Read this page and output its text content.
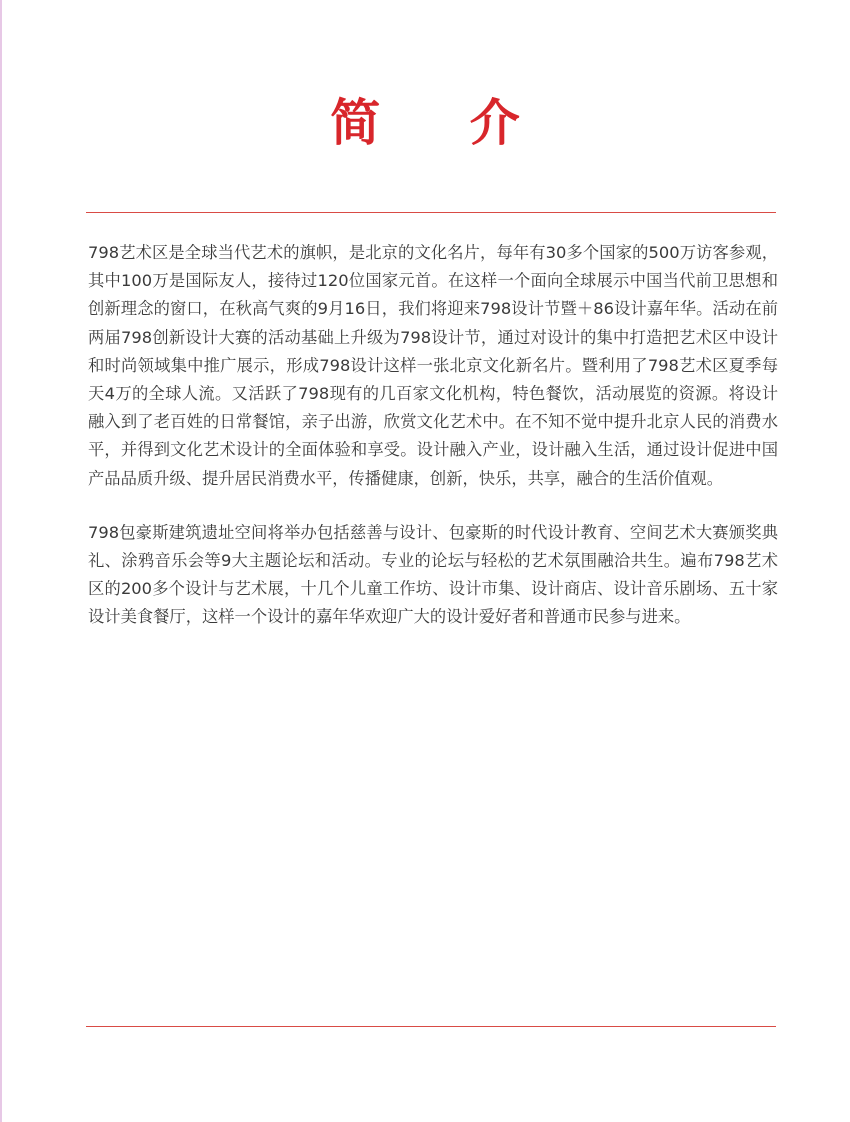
简 介

798艺术区是全球当代艺术的旗帜，是北京的文化名片，每年有30多个国家的500万访客参观，其中100万是国际友人，接待过120位国家元首。在这样一个面向全球展示中国当代前卫思想和创新理念的窗口，在秋高气爽的9月16日，我们将迎来798设计节暨＋86设计嘉年华。活动在前两届798创新设计大赛的活动基础上升级为798设计节，通过对设计的集中打造把艺术区中设计和时尚领域集中推广展示，形成798设计这样一张北京文化新名片。暨利用了798艺术区夏季每天4万的全球人流。又活跃了798现有的几百家文化机构，特色餐饮，活动展览的资源。将设计融入到了老百姓的日常餐馆，亲子出游，欣赏文化艺术中。在不知不觉中提升北京人民的消费水平，并得到文化艺术设计的全面体验和享受。设计融入产业，设计融入生活，通过设计促进中国产品品质升级、提升居民消费水平，传播健康，创新，快乐，共享，融合的生活价值观。

798包豪斯建筑遗址空间将举办包括慈善与设计、包豪斯的时代设计教育、空间艺术大赛颁奖典礼、涂鸦音乐会等9大主题论坛和活动。专业的论坛与轻松的艺术氛围融洽共生。遍布798艺术区的200多个设计与艺术展，十几个儿童工作坊、设计市集、设计商店、设计音乐剧场、五十家设计美食餐厅，这样一个设计的嘉年华欢迎广大的设计爱好者和普通市民参与进来。
